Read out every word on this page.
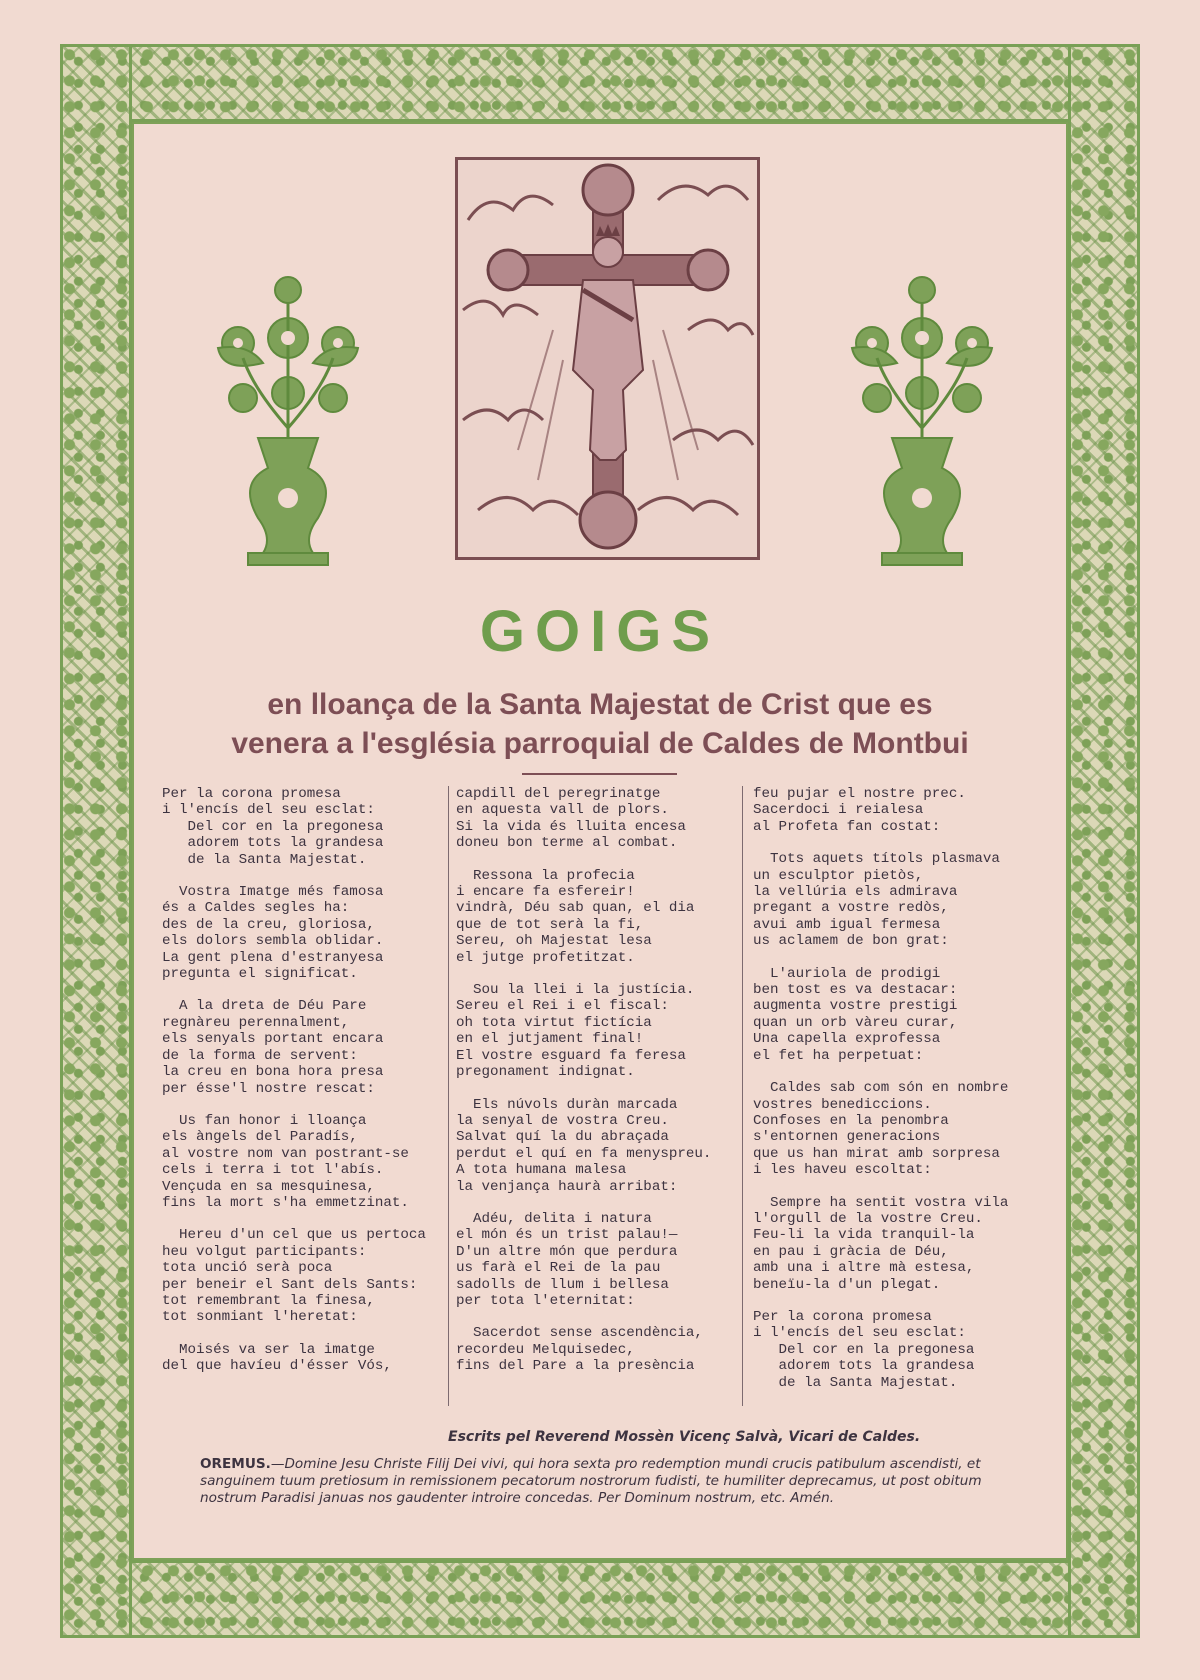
GOIGS
en lloança de la Santa Majestat de Crist que es
venera a l'església parroquial de Caldes de Montbui
Per la corona promesa
i l'encís del seu esclat:
Del cor en la pregonesa
adorem tots la grandesa
de la Santa Majestat.
Vostra Imatge més famosa
és a Caldes segles ha:
des de la creu, gloriosa,
els dolors sembla oblidar.
La gent plena d'estranyesa
pregunta el significat.
A la dreta de Déu Pare
regnàreu perennalment,
els senyals portant encara
de la forma de servent:
la creu en bona hora presa
per ésse'l nostre rescat:
Us fan honor i lloança
els àngels del Paradís,
al vostre nom van postrant-se
cels i terra i tot l'abís.
Vençuda en sa mesquinesa,
fins la mort s'ha emmetzinat.
Hereu d'un cel que us pertoca
heu volgut participants:
tota unció serà poca
per beneir el Sant dels Sants:
tot remembrant la finesa,
tot sonmiant l'heretat:
Moisés va ser la imatge
del que havíeu d'ésser Vós,
capdill del peregrinatge
en aquesta vall de plors.
Si la vida és lluita encesa
doneu bon terme al combat.
Ressona la profecia
i encare fa esfereir!
vindrà, Déu sab quan, el dia
que de tot serà la fi,
Sereu, oh Majestat lesa
el jutge profetitzat.
Sou la llei i la justícia.
Sereu el Rei i el fiscal:
oh tota virtut fictícia
en el jutjament final!
El vostre esguard fa feresa
pregonament indignat.
Els núvols duràn marcada
la senyal de vostra Creu.
Salvat quí la du abraçada
perdut el quí en fa menyspreu.
A tota humana malesa
la venjança haurà arribat:
Adéu, delita i natura
el món és un trist palau!—
D'un altre món que perdura
us farà el Rei de la pau
sadolls de llum i bellesa
per tota l'eternitat:
Sacerdot sense ascendència,
recordeu Melquisedec,
fins del Pare a la presència
feu pujar el nostre prec.
Sacerdoci i reialesa
al Profeta fan costat:
Tots aquets títols plasmava
un esculptor pietòs,
la vellúria els admirava
pregant a vostre redòs,
avui amb igual fermesa
us aclamem de bon grat:
L'auriola de prodigi
ben tost es va destacar:
augmenta vostre prestigi
quan un orb vàreu curar,
Una capella exprofessa
el fet ha perpetuat:
Caldes sab com són en nombre
vostres benediccions.
Confoses en la penombra
s'entornen generacions
que us han mirat amb sorpresa
i les haveu escoltat:
Sempre ha sentit vostra vila
l'orgull de la vostre Creu.
Feu-li la vida tranquil-la
en pau i gràcia de Déu,
amb una i altre mà estesa,
beneïu-la d'un plegat.
Per la corona promesa
i l'encís del seu esclat:
Del cor en la pregonesa
adorem tots la grandesa
de la Santa Majestat.
Escrits pel Reverend Mossèn Vicenç Salvà, Vicari de Caldes.
OREMUS.—Domine Jesu Christe Filij Dei vivi, qui hora sexta pro redemption mundi crucis patibulum ascendisti, et sanguinem tuum pretiosum in remissionem pecatorum nostrorum fudisti, te humiliter deprecamus, ut post obitum nostrum Paradisi januas nos gaudenter introire concedas. Per Dominum nostrum, etc. Amén.
